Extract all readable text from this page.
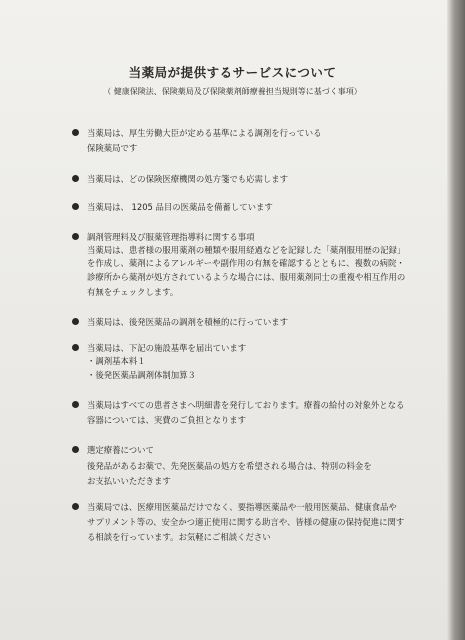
当薬局が提供するサービスについて
（ 健康保険法、保険薬局及び保険薬剤師療養担当規則等に基づく事項）
当薬局は、厚生労働大臣が定める基準による調剤を行っている
保険薬局です
当薬局は、どの保険医療機関の処方箋でも応需します
当薬局は、 1205 品目の医薬品を備蓄しています
調剤管理料及び服薬管理指導料に関する事項
当薬局は、患者様の服用薬剤の種類や服用経過などを記録した「薬剤服用歴の記録」
を作成し、薬剤によるアレルギーや副作用の有無を確認するとともに、複数の病院・
診療所から薬剤が処方されているような場合には、服用薬剤同士の重複や相互作用の
有無をチェックします。
当薬局は、後発医薬品の調剤を積極的に行っています
当薬局は、下記の施設基準を届出ています
・調剤基本料１
・後発医薬品調剤体制加算３
当薬局はすべての患者さまへ明細書を発行しております。療養の給付の対象外となる
容器については、実費のご負担となります
選定療養について
後発品があるお薬で、先発医薬品の処方を希望される場合は、特別の料金を
お支払いいただきます
当薬局では、医療用医薬品だけでなく、要指導医薬品や一般用医薬品、健康食品や
サプリメント等の、安全かつ適正使用に関する助言や、皆様の健康の保持促進に関す
る相談を行っています。お気軽にご相談ください
